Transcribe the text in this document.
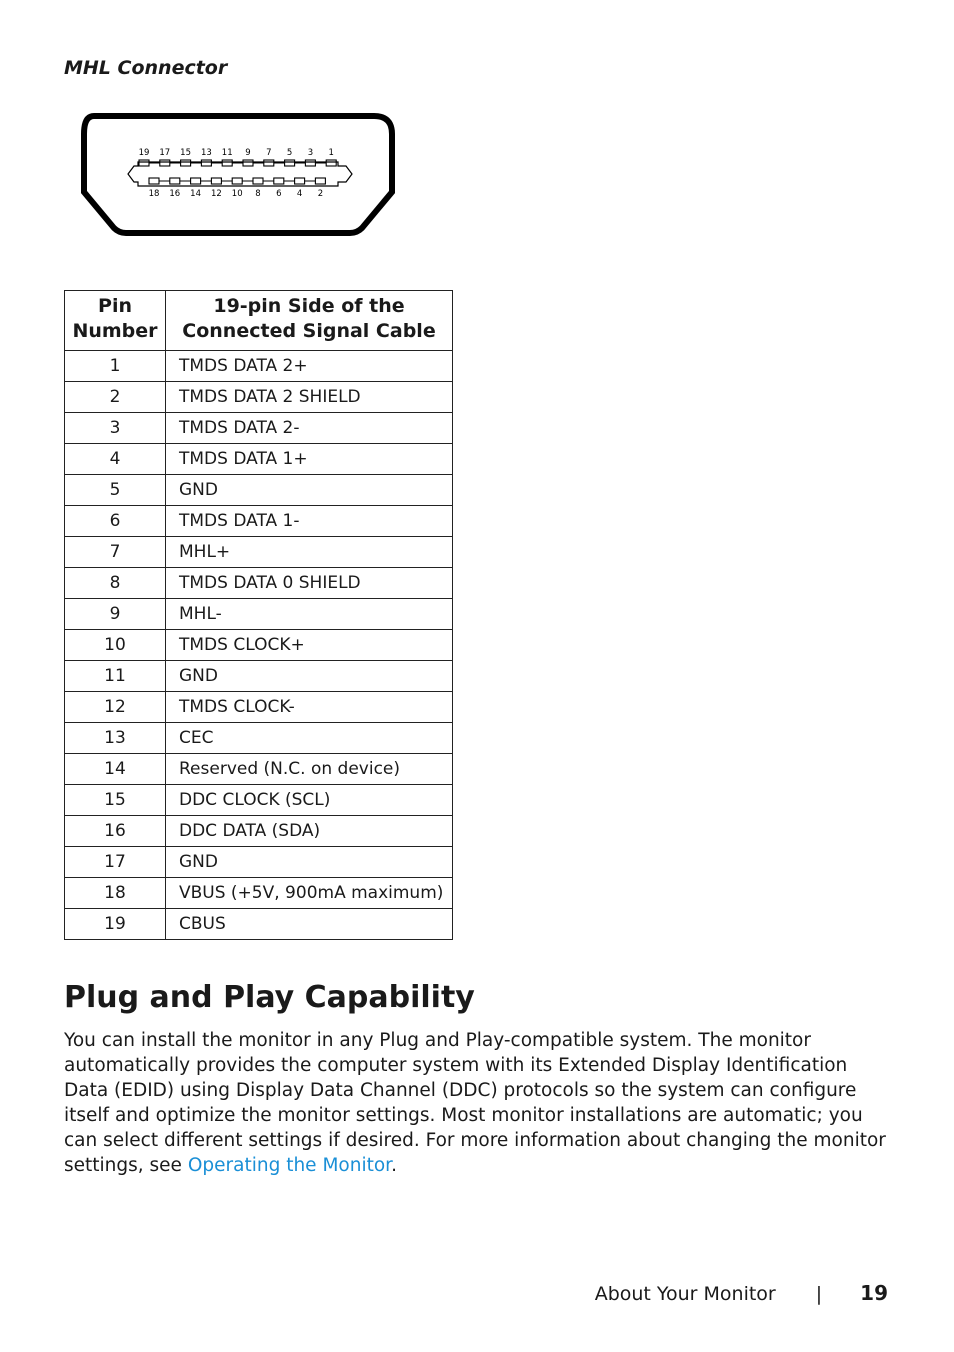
MHL Connector
19 17 15 13 11 9 7 5 3 1
18 16 14 12 10 8 6 4 2
Pin Number	19-pin Side of the Connected Signal Cable
1	TMDS DATA 2+
2	TMDS DATA 2 SHIELD
3	TMDS DATA 2-
4	TMDS DATA 1+
5	GND
6	TMDS DATA 1-
7	MHL+
8	TMDS DATA 0 SHIELD
9	MHL-
10	TMDS CLOCK+
11	GND
12	TMDS CLOCK-
13	CEC
14	Reserved (N.C. on device)
15	DDC CLOCK (SCL)
16	DDC DATA (SDA)
17	GND
18	VBUS (+5V, 900mA maximum)
19	CBUS
Plug and Play Capability

You can install the monitor in any Plug and Play-compatible system. The monitor automatically provides the computer system with its Extended Display Identification Data (EDID) using Display Data Channel (DDC) protocols so the system can configure itself and optimize the monitor settings. Most monitor installations are automatic; you can select different settings if desired. For more information about changing the monitor settings, see Operating the Monitor.

About Your Monitor | 19
